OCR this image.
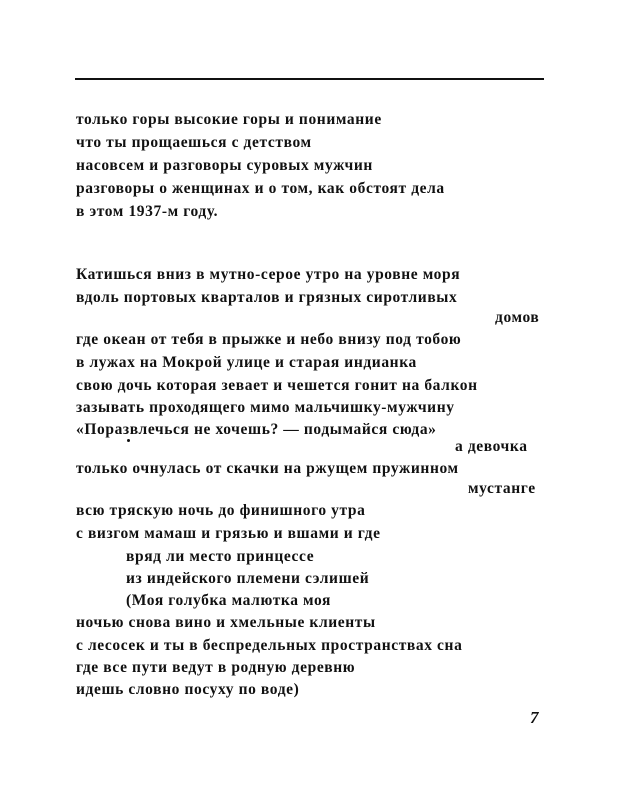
только горы высокие горы и понимание
что ты прощаешься с детством
насовсем и разговоры суровых мужчин
разговоры о женщинах и о том, как обстоят дела
в этом 1937-м году.
Катишься вниз в мутно-серое утро на уровне моря
вдоль портовых кварталов и грязных сиротливых
домов
где океан от тебя в прыжке и небо внизу под тобою
в лужах на Мокрой улице и старая индианка
свою дочь которая зевает и чешется гонит на балкон
зазывать проходящего мимо мальчишку-мужчину
«Поразвлечься не хочешь? — подымайся сюда»
а девочка
только очнулась от скачки на ржущем пружинном
мустанге
всю тряскую ночь до финишного утра
с визгом мамаш и грязью и вшами и где
вряд ли место принцессе
из индейского племени сэлишей
(Моя голубка малютка моя
ночью снова вино и хмельные клиенты
с лесосек и ты в беспредельных пространствах сна
где все пути ведут в родную деревню
идешь словно посуху по воде)
7
